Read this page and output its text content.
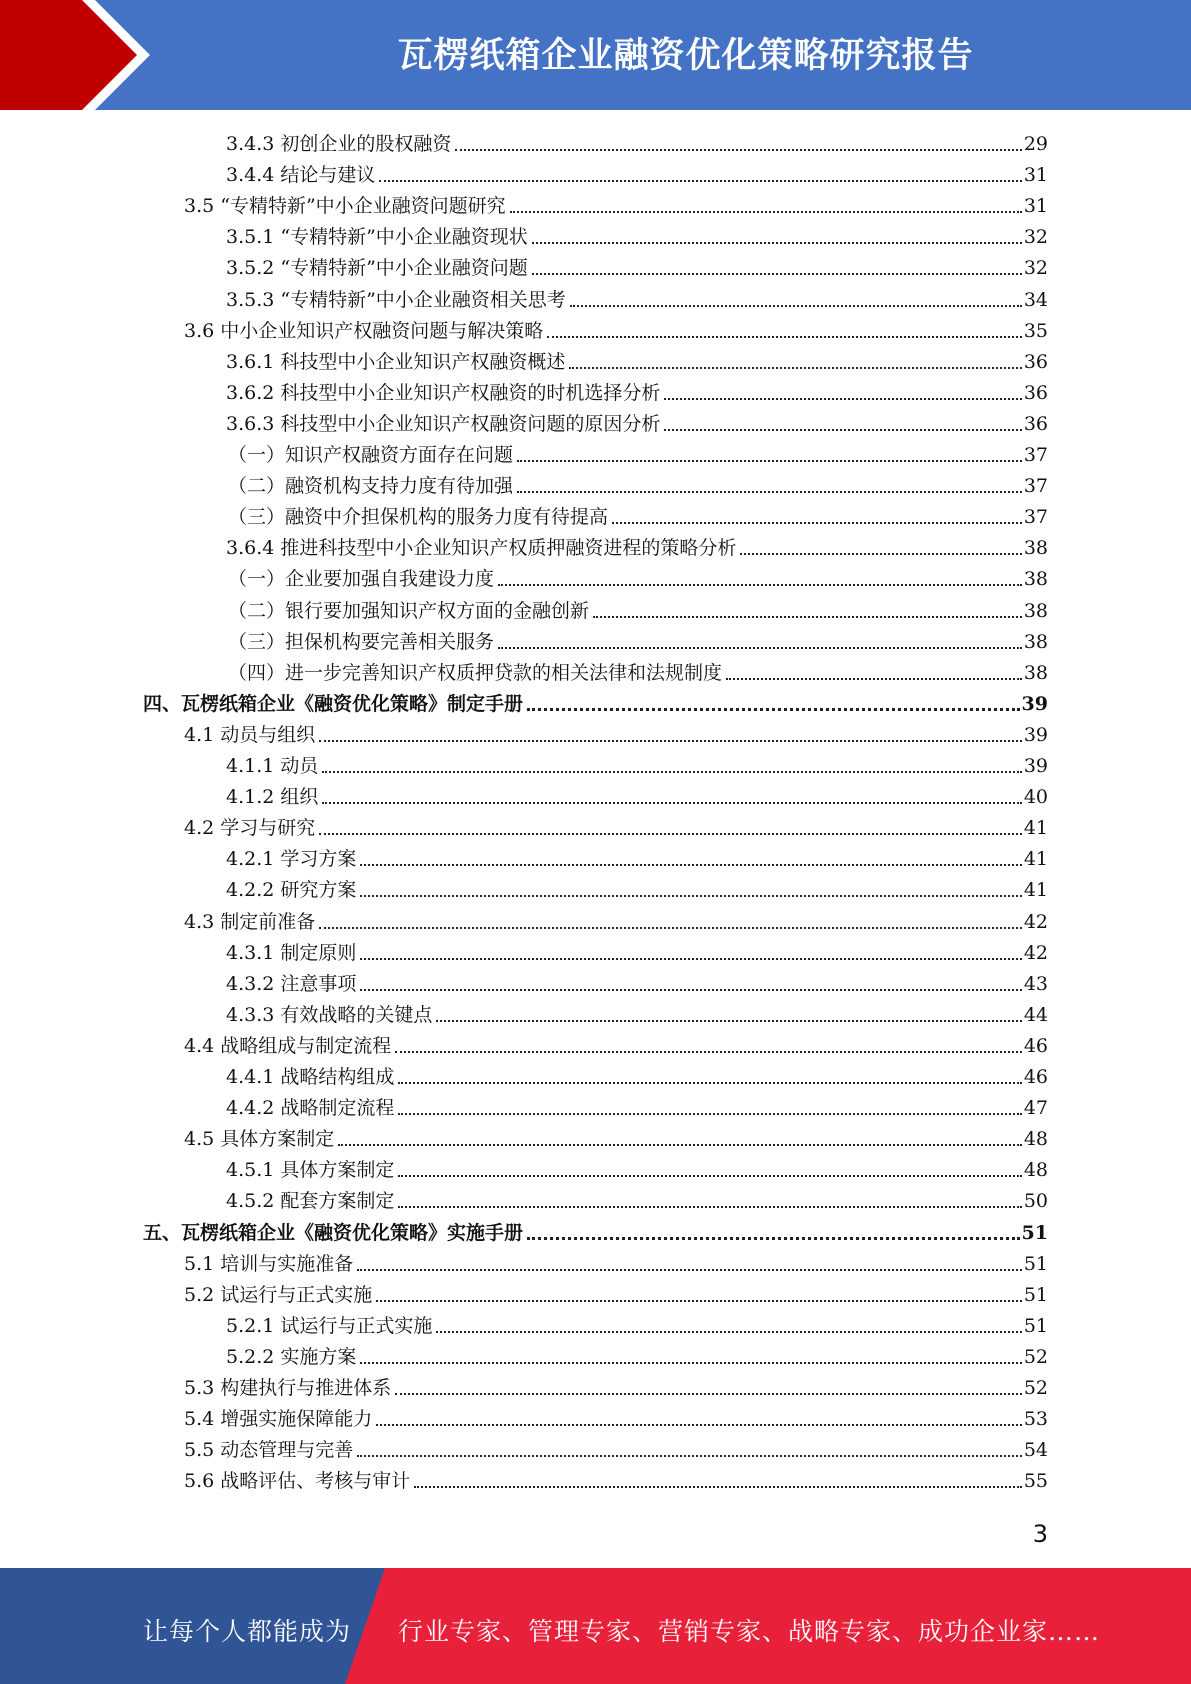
瓦楞纸箱企业融资优化策略研究报告
3.4.3 初创企业的股权融资	29
3.4.4 结论与建议	31
3.5 “专精特新”中小企业融资问题研究	31
3.5.1 “专精特新”中小企业融资现状	32
3.5.2 “专精特新”中小企业融资问题	32
3.5.3 “专精特新”中小企业融资相关思考	34
3.6 中小企业知识产权融资问题与解决策略	35
3.6.1 科技型中小企业知识产权融资概述	36
3.6.2 科技型中小企业知识产权融资的时机选择分析	36
3.6.3 科技型中小企业知识产权融资问题的原因分析	36
（一）知识产权融资方面存在问题	37
（二）融资机构支持力度有待加强	37
（三）融资中介担保机构的服务力度有待提高	37
3.6.4 推进科技型中小企业知识产权质押融资进程的策略分析	38
（一）企业要加强自我建设力度	38
（二）银行要加强知识产权方面的金融创新	38
（三）担保机构要完善相关服务	38
（四）进一步完善知识产权质押贷款的相关法律和法规制度	38
四、瓦楞纸箱企业《融资优化策略》制定手册	39
4.1 动员与组织	39
4.1.1 动员	39
4.1.2 组织	40
4.2 学习与研究	41
4.2.1 学习方案	41
4.2.2 研究方案	41
4.3 制定前准备	42
4.3.1 制定原则	42
4.3.2 注意事项	43
4.3.3 有效战略的关键点	44
4.4 战略组成与制定流程	46
4.4.1 战略结构组成	46
4.4.2 战略制定流程	47
4.5 具体方案制定	48
4.5.1 具体方案制定	48
4.5.2 配套方案制定	50
五、瓦楞纸箱企业《融资优化策略》实施手册	51
5.1 培训与实施准备	51
5.2 试运行与正式实施	51
5.2.1 试运行与正式实施	51
5.2.2 实施方案	52
5.3 构建执行与推进体系	52
5.4 增强实施保障能力	53
5.5 动态管理与完善	54
5.6 战略评估、考核与审计	55
3
让每个人都能成为 行业专家、管理专家、营销专家、战略专家、成功企业家……
